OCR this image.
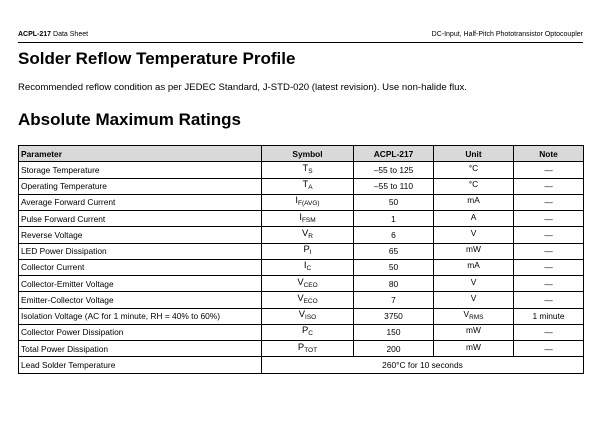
ACPL-217 Data Sheet	DC-Input, Half-Pitch Phototransistor Optocoupler
Solder Reflow Temperature Profile

Recommended reflow condition as per JEDEC Standard, J-STD-020 (latest revision). Use non-halide flux.

Absolute Maximum Ratings
Parameter	Symbol	ACPL-217	Unit	Note
Storage Temperature	$T_S$	–55 to 125	°C	—
Operating Temperature	$T_A$	–55 to 110	°C	—
Average Forward Current	$I_{F(AVG)}$	50	mA	—
Pulse Forward Current	$I_{FSM}$	1	A	—
Reverse Voltage	$V_R$	6	V	—
LED Power Dissipation	$P_I$	65	mW	—
Collector Current	$I_C$	50	mA	—
Collector-Emitter Voltage	$V_{CEO}$	80	V	—
Emitter-Collector Voltage	$V_{ECO}$	7	V	—
Isolation Voltage (AC for 1 minute, RH = 40% to 60%)	$V_{ISO}$	3750	$V_{RMS}$	1 minute
Collector Power Dissipation	$P_C$	150	mW	—
Total Power Dissipation	$P_{TOT}$	200	mW	—
Lead Solder Temperature	260°C for 10 seconds			
